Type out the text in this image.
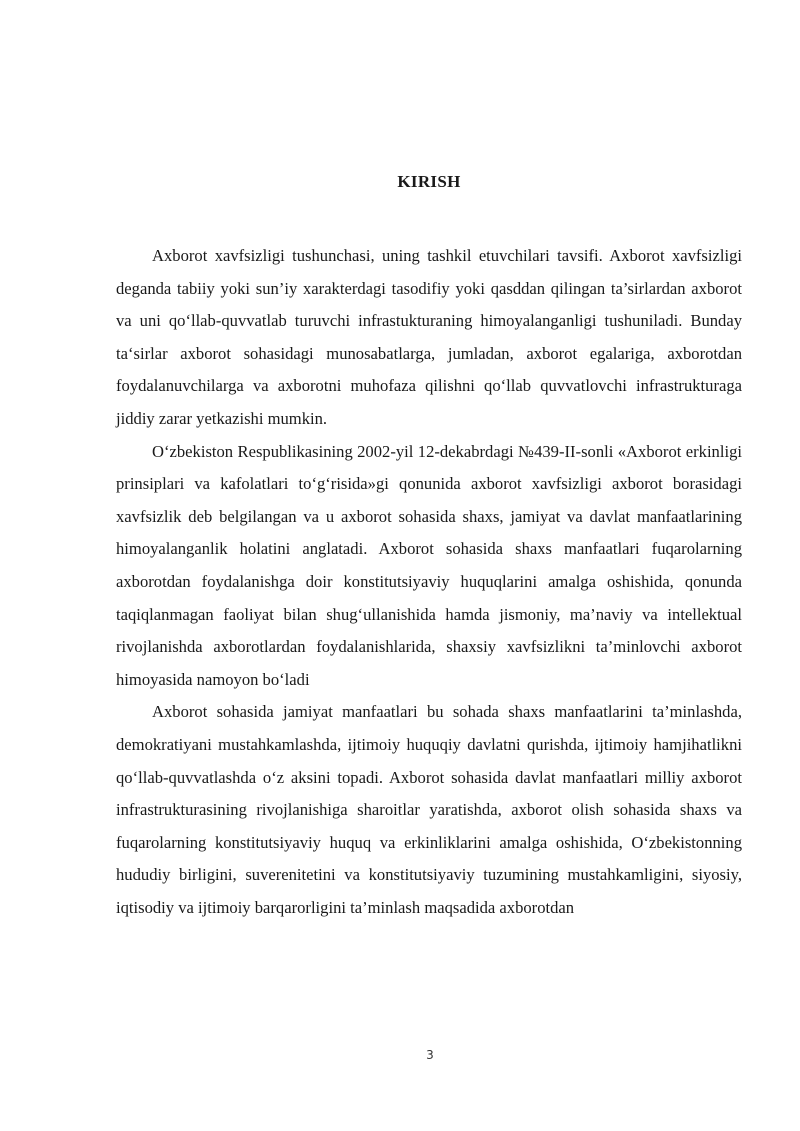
KIRISH

Axborot xavfsizligi tushunchasi, uning tashkil etuvchilari tavsifi. Axborot xavfsizligi deganda tabiiy yoki sun’iy xarakterdagi tasodifiy yoki qasddan qilingan ta’sirlardan axborot va uni qo‘llab-quvvatlab turuvchi infrastukturaning himoyalanganligi tushuniladi. Bunday ta‘sirlar axborot sohasidagi munosabatlarga, jumladan, axborot egalariga, axborotdan foydalanuvchilarga va axborotni muhofaza qilishni qo‘llab quvvatlovchi infrastrukturaga jiddiy zarar yetkazishi mumkin.

O‘zbekiston Respublikasining 2002-yil 12-dekabrdagi №439-II-sonli «Axborot erkinligi prinsiplari va kafolatlari to‘g‘risida»gi qonunida axborot xavfsizligi axborot borasidagi xavfsizlik deb belgilangan va u axborot sohasida shaxs, jamiyat va davlat manfaatlarining himoyalanganlik holatini anglatadi. Axborot sohasida shaxs manfaatlari fuqarolarning axborotdan foydalanishga doir konstitutsiyaviy huquqlarini amalga oshishida, qonunda taqiqlanmagan faoliyat bilan shug‘ullanishida hamda jismoniy, ma’naviy va intellektual rivojlanishda axborotlardan foydalanishlarida, shaxsiy xavfsizlikni ta’minlovchi axborot himoyasida namoyon bo‘ladi

Axborot sohasida jamiyat manfaatlari bu sohada shaxs manfaatlarini ta’minlashda, demokratiyani mustahkamlashda, ijtimoiy huquqiy davlatni qurishda, ijtimoiy hamjihatlikni qo‘llab-quvvatlashda o‘z aksini topadi. Axborot sohasida davlat manfaatlari milliy axborot infrastrukturasining rivojlanishiga sharoitlar yaratishda, axborot olish sohasida shaxs va fuqarolarning konstitutsiyaviy huquq va erkinliklarini amalga oshishida, O‘zbekistonning hududiy birligini, suverenitetini va konstitutsiyaviy tuzumining mustahkamligini, siyosiy, iqtisodiy va ijtimoiy barqarorligini ta’minlash maqsadida axborotdan

3
